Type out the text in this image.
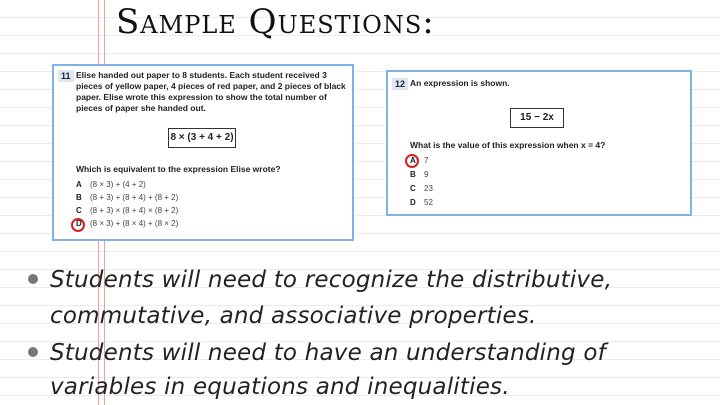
Sample Questions:
11 Elise handed out paper to 8 students. Each student received 3 pieces of yellow paper, 4 pieces of red paper, and 2 pieces of black paper. Elise wrote this expression to show the total number of pieces of paper she handed out.
8 × (3 + 4 + 2)
Which is equivalent to the expression Elise wrote?
A	(8 × 3) + (4 + 2)
B	(8 + 3) + (8 + 4) + (8 + 2)
C	(8 + 3) × (8 + 4) × (8 + 2)
D	(8 × 3) + (8 × 4) + (8 × 2)
12 An expression is shown.
15 − 2x
What is the value of this expression when x = 4?
A	7
B	9
C	23
D	52
Students will need to recognize the distributive,
commutative, and associative properties.
Students will need to have an understanding of
variables in equations and inequalities.
